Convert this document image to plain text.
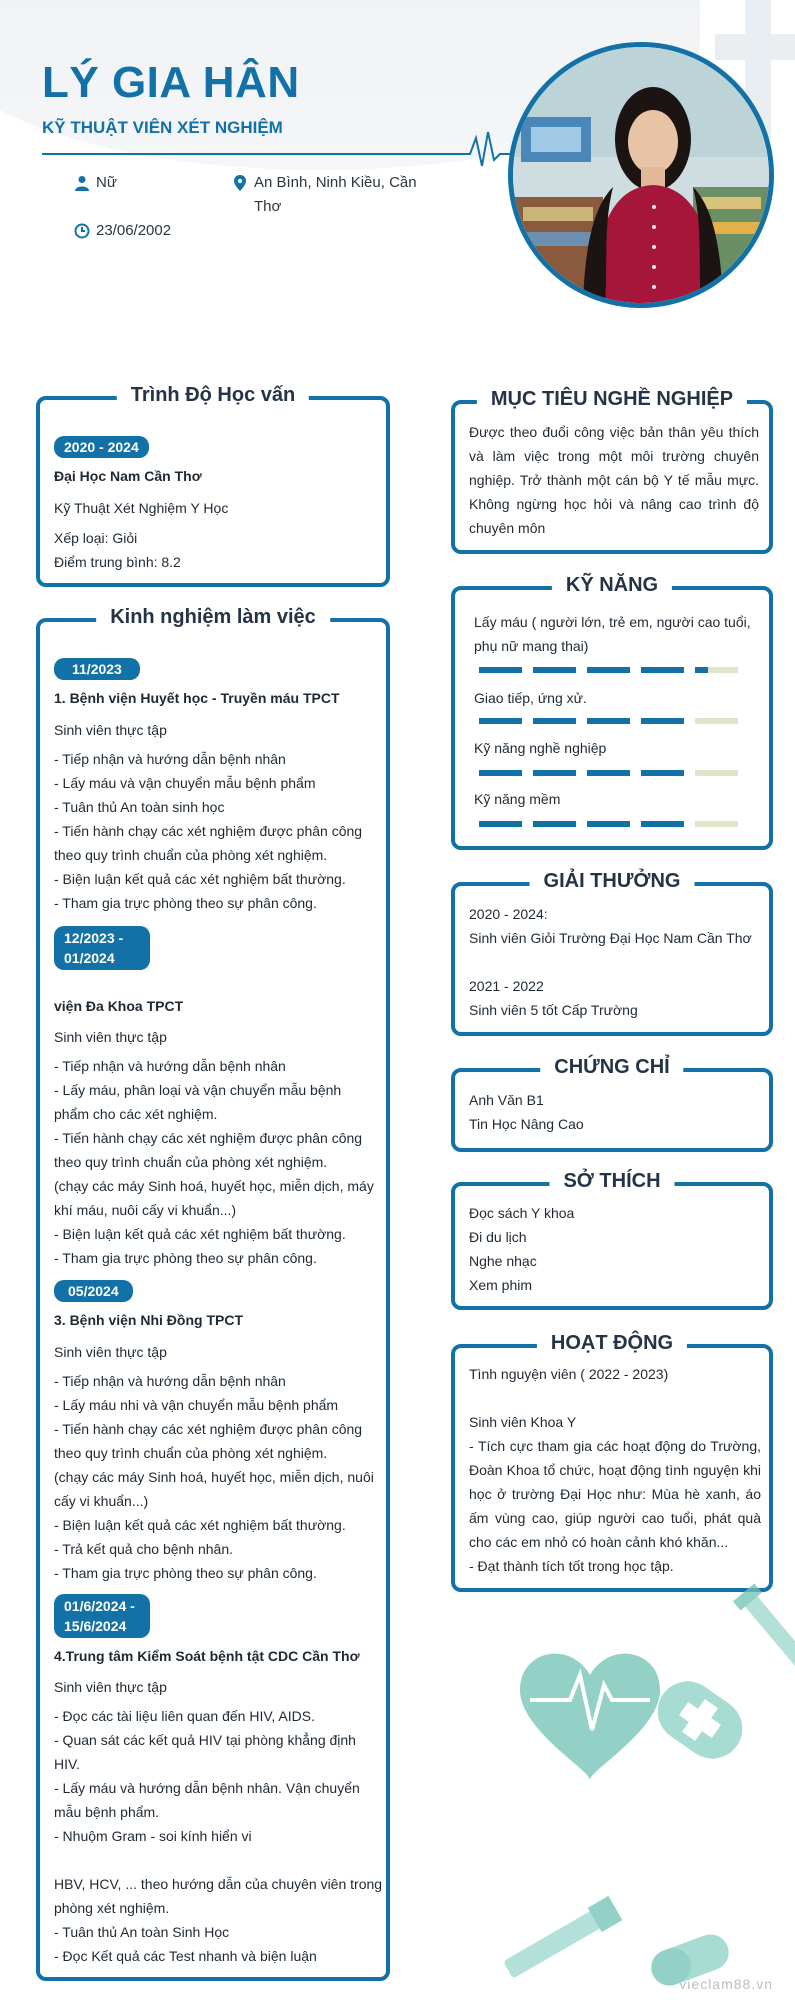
LÝ GIA HÂN
KỸ THUẬT VIÊN XÉT NGHIỆM
Nữ
23/06/2002
An Bình, Ninh Kiều, Cần Thơ
Trình Độ Học vấn
2020 - 2024
Đại Học Nam Cần Thơ
Kỹ Thuật Xét Nghiệm Y Học
Xếp loại: Giỏi
Điểm trung bình: 8.2
Kinh nghiệm làm việc
11/2023
1. Bệnh viện Huyết học - Truyền máu TPCT
Sinh viên thực tập
- Tiếp nhận và hướng dẫn bệnh nhân
- Lấy máu và vận chuyển mẫu bệnh phẩm
- Tuân thủ An toàn sinh học
- Tiến hành chạy các xét nghiệm được phân công
theo quy trình chuẩn của phòng xét nghiệm.
- Biện luận kết quả các xét nghiệm bất thường.
- Tham gia trực phòng theo sự phân công.
12/2023 -
01/2024
viện Đa Khoa TPCT
Sinh viên thực tập
- Tiếp nhận và hướng dẫn bệnh nhân
- Lấy máu, phân loại và vận chuyển mẫu bệnh
phẩm cho các xét nghiệm.
- Tiến hành chạy các xét nghiệm được phân công
theo quy trình chuẩn của phòng xét nghiệm.
(chạy các máy Sinh hoá, huyết học, miễn dịch, máy
khí máu, nuôi cấy vi khuẩn...)
- Biện luận kết quả các xét nghiệm bất thường.
- Tham gia trực phòng theo sự phân công.
05/2024
3. Bệnh viện Nhi Đồng TPCT
Sinh viên thực tập
- Tiếp nhận và hướng dẫn bệnh nhân
- Lấy máu nhi và vận chuyển mẫu bệnh phẩm
- Tiến hành chạy các xét nghiệm được phân công
theo quy trình chuẩn của phòng xét nghiệm.
(chạy các máy Sinh hoá, huyết học, miễn dịch, nuôi
cấy vi khuẩn...)
- Biện luận kết quả các xét nghiệm bất thường.
- Trả kết quả cho bệnh nhân.
- Tham gia trực phòng theo sự phân công.
01/6/2024 -
15/6/2024
4.Trung tâm Kiểm Soát bệnh tật CDC Cần Thơ
Sinh viên thực tập
- Đọc các tài liệu liên quan đến HIV, AIDS.
- Quan sát các kết quả HIV tại phòng khẳng định
HIV.
- Lấy máu và hướng dẫn bệnh nhân. Vận chuyển
mẫu bệnh phẩm.
- Nhuộm Gram - soi kính hiển vi
HBV, HCV, ... theo hướng dẫn của chuyên viên trong
phòng xét nghiệm.
- Tuân thủ An toàn Sinh Học
- Đọc Kết quả các Test nhanh và biện luận
MỤC TIÊU NGHỀ NGHIỆP
Được theo đuổi công việc bản thân yêu thích
và làm việc trong một môi trường chuyên
nghiệp. Trở thành một cán bộ Y tế mẫu mực.
Không ngừng học hỏi và nâng cao trình độ
chuyên môn
KỸ NĂNG
Lấy máu ( người lớn, trẻ em, người cao tuổi,
phụ nữ mang thai)
Giao tiếp, ứng xử.
Kỹ năng nghề nghiệp
Kỹ năng mềm
GIẢI THƯỞNG
2020 - 2024:
Sinh viên Giỏi Trường Đại Học Nam Cần Thơ
2021 - 2022
Sinh viên 5 tốt Cấp Trường
CHỨNG CHỈ
Anh Văn B1
Tin Học Nâng Cao
SỞ THÍCH
Đọc sách Y khoa
Đi du lịch
Nghe nhạc
Xem phim
HOẠT ĐỘNG
Tình nguyện viên ( 2022 - 2023)
Sinh viên Khoa Y
- Tích cực tham gia các hoạt động do Trường,
Đoàn Khoa tổ chức, hoạt động tình nguyện khi
học ở trường Đại Học như: Mùa hè xanh, áo
ấm vùng cao, giúp người cao tuổi, phát quà
cho các em nhỏ có hoàn cảnh khó khăn...
- Đạt thành tích tốt trong học tập.
vieclam88.vn
